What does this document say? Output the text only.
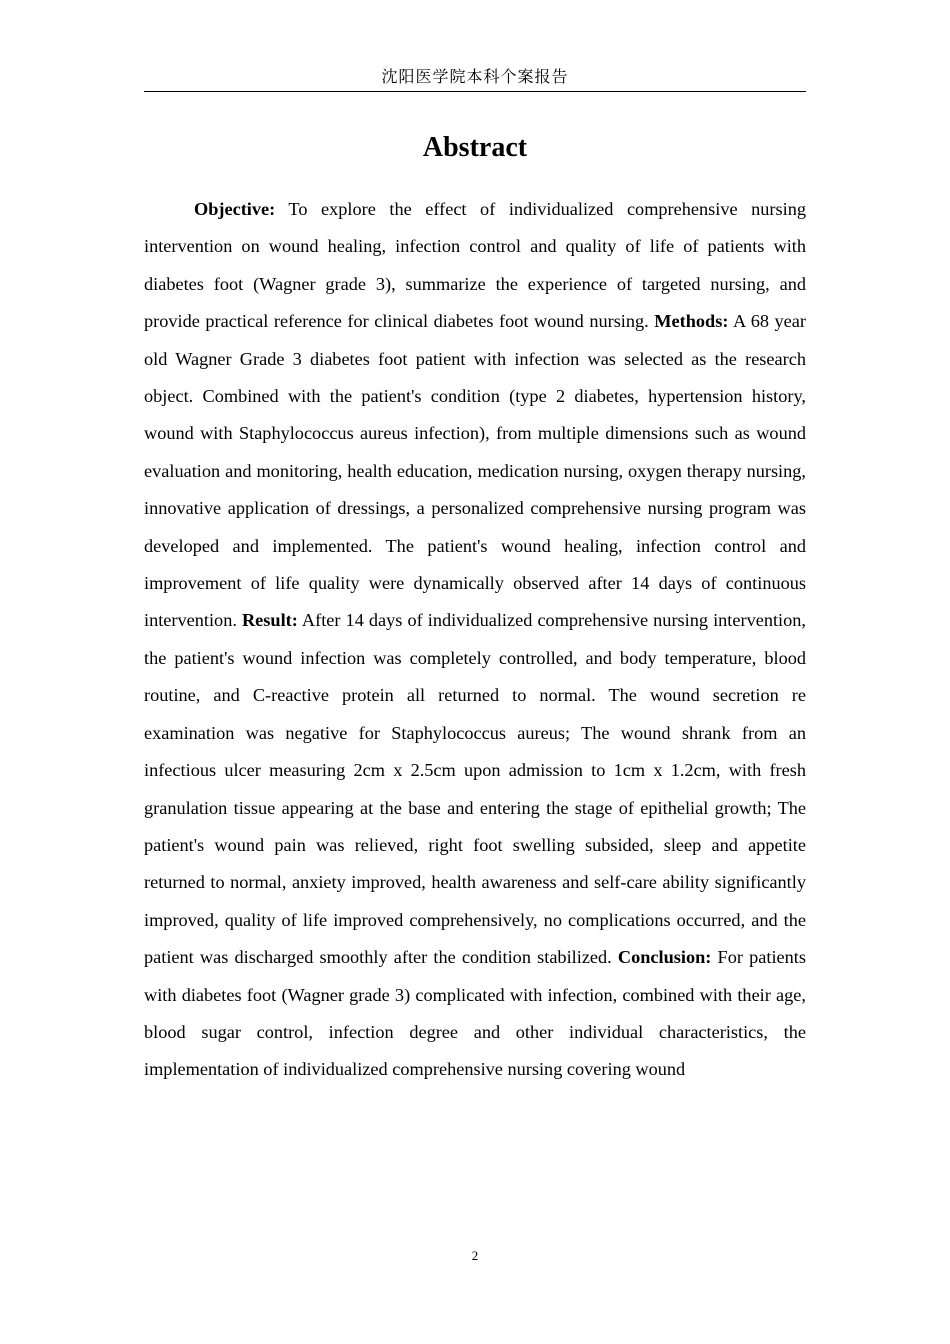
沈阳医学院本科个案报告
Abstract

Objective: To explore the effect of individualized comprehensive nursing intervention on wound healing, infection control and quality of life of patients with diabetes foot (Wagner grade 3), summarize the experience of targeted nursing, and provide practical reference for clinical diabetes foot wound nursing. Methods: A 68 year old Wagner Grade 3 diabetes foot patient with infection was selected as the research object. Combined with the patient's condition (type 2 diabetes, hypertension history, wound with Staphylococcus aureus infection), from multiple dimensions such as wound evaluation and monitoring, health education, medication nursing, oxygen therapy nursing, innovative application of dressings, a personalized comprehensive nursing program was developed and implemented. The patient's wound healing, infection control and improvement of life quality were dynamically observed after 14 days of continuous intervention. Result: After 14 days of individualized comprehensive nursing intervention, the patient's wound infection was completely controlled, and body temperature, blood routine, and C-reactive protein all returned to normal. The wound secretion re examination was negative for Staphylococcus aureus; The wound shrank from an infectious ulcer measuring 2cm x 2.5cm upon admission to 1cm x 1.2cm, with fresh granulation tissue appearing at the base and entering the stage of epithelial growth; The patient's wound pain was relieved, right foot swelling subsided, sleep and appetite returned to normal, anxiety improved, health awareness and self-care ability significantly improved, quality of life improved comprehensively, no complications occurred, and the patient was discharged smoothly after the condition stabilized. Conclusion: For patients with diabetes foot (Wagner grade 3) complicated with infection, combined with their age, blood sugar control, infection degree and other individual characteristics, the implementation of individualized comprehensive nursing covering wound

2
